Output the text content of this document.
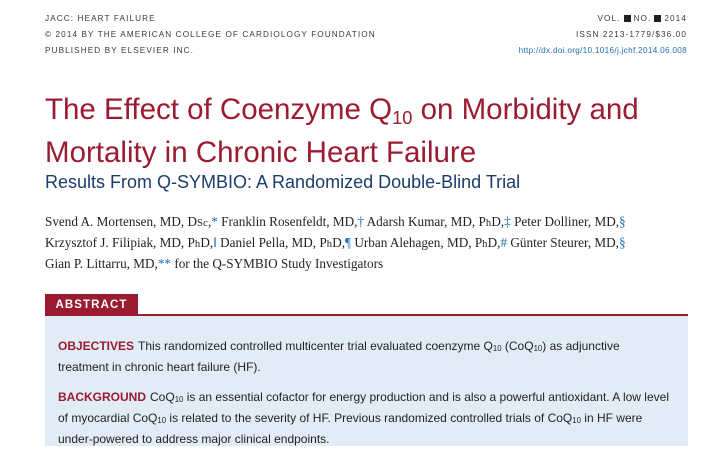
JACC: HEART FAILURE
© 2014 BY THE AMERICAN COLLEGE OF CARDIOLOGY FOUNDATION
PUBLISHED BY ELSEVIER INC.
VOL. NO. 2014
ISSN 2213-1779/$36.00
http://dx.doi.org/10.1016/j.jchf.2014.06.008
The Effect of Coenzyme $Q_{10}$ on Morbidity and Mortality in Chronic Heart Failure
Results From Q-SYMBIO: A Randomized Double-Blind Trial
Svend A. Mortensen, MD, DSc,* Franklin Rosenfeldt, MD,† Adarsh Kumar, MD, PhD,‡ Peter Dolliner, MD,§
Krzysztof J. Filipiak, MD, PhD,‖ Daniel Pella, MD, PhD,¶ Urban Alehagen, MD, PhD,# Günter Steurer, MD,§
Gian P. Littarru, MD,** for the Q-SYMBIO Study Investigators
ABSTRACT

OBJECTIVES This randomized controlled multicenter trial evaluated coenzyme Q10 (CoQ10) as adjunctive treatment in chronic heart failure (HF).

BACKGROUND CoQ10 is an essential cofactor for energy production and is also a powerful antioxidant. A low level of myocardial CoQ10 is related to the severity of HF. Previous randomized controlled trials of CoQ10 in HF were under-powered to address major clinical endpoints.
